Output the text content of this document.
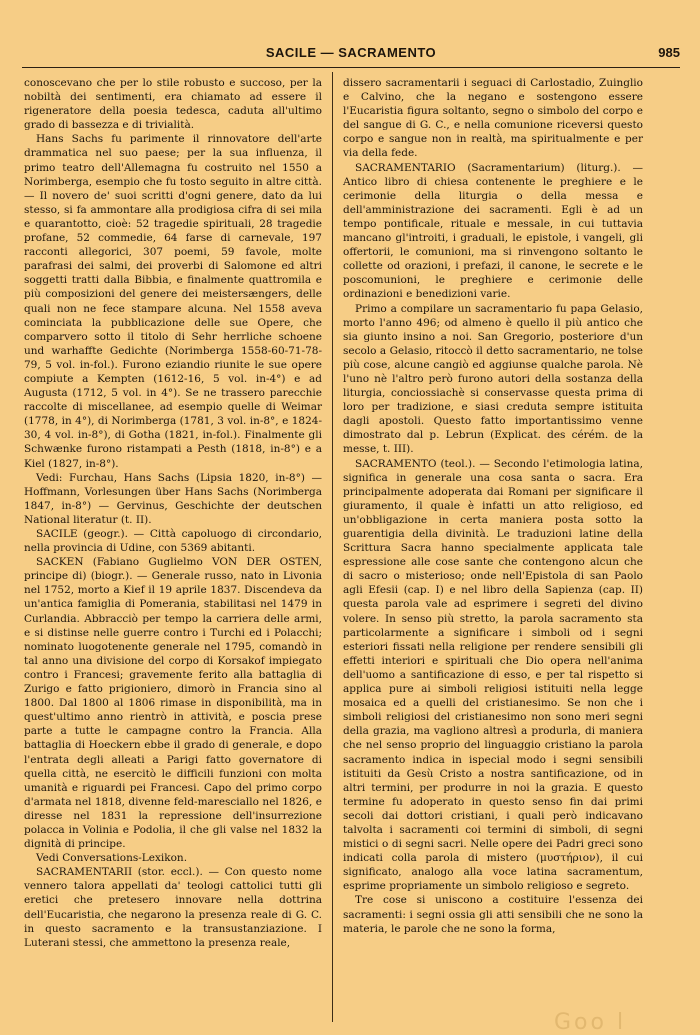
SACILE — SACRAMENTO	985

conoscevano che per lo stile robusto e succoso, per la nobiltà dei sentimenti, era chiamato ad essere il rigeneratore della poesia tedesca, caduta all'ultimo grado di bassezza e di trivialità.

Hans Sachs fu parimente il rinnovatore dell'arte drammatica nel suo paese; per la sua influenza, il primo teatro dell'Allemagna fu costruito nel 1550 a Norimberga, esempio che fu tosto seguito in altre città. — Il novero de' suoi scritti d'ogni genere, dato da lui stesso, si fa ammontare alla prodigiosa cifra di sei mila e quarantotto, cioè: 52 tragedie spirituali, 28 tragedie profane, 52 commedie, 64 farse di carnevale, 197 racconti allegorici, 307 poemi, 59 favole, molte parafrasi dei salmi, dei proverbi di Salomone ed altri soggetti tratti dalla Bibbia, e finalmente quattromila e più composizioni del genere dei meistersængers, delle quali non ne fece stampare alcuna. Nel 1558 aveva cominciata la pubblicazione delle sue Opere, che comparvero sotto il titolo di Sehr herrliche schoene und warhaffte Gedichte (Norimberga 1558-60-71-78-79, 5 vol. in-fol.). Furono eziandio riunite le sue opere compiute a Kempten (1612-16, 5 vol. in-4°) e ad Augusta (1712, 5 vol. in 4°). Se ne trassero parecchie raccolte di miscellanee, ad esempio quelle di Weimar (1778, in 4°), di Norimberga (1781, 3 vol. in-8°, e 1824-30, 4 vol. in-8°), di Gotha (1821, in-fol.). Finalmente gli Schwænke furono ristampati a Pesth (1818, in-8°) e a Kiel (1827, in-8°).

Vedi: Furchau, Hans Sachs (Lipsia 1820, in-8°) — Hoffmann, Vorlesungen über Hans Sachs (Norimberga 1847, in-8°) — Gervinus, Geschichte der deutschen National literatur (t. II).

SACILE (geogr.). — Città capoluogo di circondario, nella provincia di Udine, con 5369 abitanti.

SACKEN (Fabiano Guglielmo VON DER OSTEN, principe di) (biogr.). — Generale russo, nato in Livonia nel 1752, morto a Kief il 19 aprile 1837. Discendeva da un'antica famiglia di Pomerania, stabilitasi nel 1479 in Curlandia. Abbracciò per tempo la carriera delle armi, e si distinse nelle guerre contro i Turchi ed i Polacchi; nominato luogotenente generale nel 1795, comandò in tal anno una divisione del corpo di Korsakof impiegato contro i Francesi; gravemente ferito alla battaglia di Zurigo e fatto prigioniero, dimorò in Francia sino al 1800. Dal 1800 al 1806 rimase in disponibilità, ma in quest'ultimo anno rientrò in attività, e poscia prese parte a tutte le campagne contro la Francia. Alla battaglia di Hoeckern ebbe il grado di generale, e dopo l'entrata degli alleati a Parigi fatto governatore di quella città, ne esercitò le difficili funzioni con molta umanità e riguardi pei Francesi. Capo del primo corpo d'armata nel 1818, divenne feld-maresciallo nel 1826, e diresse nel 1831 la repressione dell'insurrezione polacca in Volinia e Podolia, il che gli valse nel 1832 la dignità di principe.

Vedi Conversations-Lexikon.

SACRAMENTARII (stor. eccl.). — Con questo nome vennero talora appellati da' teologi cattolici tutti gli eretici che pretesero innovare nella dottrina dell'Eucaristia, che negarono la presenza reale di G. C. in questo sacramento e la transustanziazione. I Luterani stessi, che ammettono la presenza reale,

dissero sacramentarii i seguaci di Carlostadio, Zuinglio e Calvino, che la negano e sostengono essere l'Eucaristia figura soltanto, segno o simbolo del corpo e del sangue di G. C., e nella comunione riceversi questo corpo e sangue non in realtà, ma spiritualmente e per via della fede.

SACRAMENTARIO (Sacramentarium) (liturg.). — Antico libro di chiesa contenente le preghiere e le cerimonie della liturgia o della messa e dell'amministrazione dei sacramenti. Egli è ad un tempo pontificale, rituale e messale, in cui tuttavia mancano gl'introiti, i graduali, le epistole, i vangeli, gli offertorii, le comunioni, ma si rinvengono soltanto le collette od orazioni, i prefazi, il canone, le secrete e le poscomunioni, le preghiere e cerimonie delle ordinazioni e benedizioni varie.

Primo a compilare un sacramentario fu papa Gelasio, morto l'anno 496; od almeno è quello il più antico che sia giunto insino a noi. San Gregorio, posteriore d'un secolo a Gelasio, ritoccò il detto sacramentario, ne tolse più cose, alcune cangiò ed aggiunse qualche parola. Nè l'uno nè l'altro però furono autori della sostanza della liturgia, conciossiachè si conservasse questa prima di loro per tradizione, e siasi creduta sempre istituita dagli apostoli. Questo fatto importantissimo venne dimostrato dal p. Lebrun (Explicat. des cérém. de la messe, t. III).

SACRAMENTO (teol.). — Secondo l'etimologia latina, significa in generale una cosa santa o sacra. Era principalmente adoperata dai Romani per significare il giuramento, il quale è infatti un atto religioso, ed un'obbligazione in certa maniera posta sotto la guarentigia della divinità. Le traduzioni latine della Scrittura Sacra hanno specialmente applicata tale espressione alle cose sante che contengono alcun che di sacro o misterioso; onde nell'Epistola di san Paolo agli Efesii (cap. I) e nel libro della Sapienza (cap. II) questa parola vale ad esprimere i segreti del divino volere. In senso più stretto, la parola sacramento sta particolarmente a significare i simboli od i segni esteriori fissati nella religione per rendere sensibili gli effetti interiori e spirituali che Dio opera nell'anima dell'uomo a santificazione di esso, e per tal rispetto si applica pure ai simboli religiosi istituiti nella legge mosaica ed a quelli del cristianesimo. Se non che i simboli religiosi del cristianesimo non sono meri segni della grazia, ma vagliono altresì a produrla, di maniera che nel senso proprio del linguaggio cristiano la parola sacramento indica in ispecial modo i segni sensibili istituiti da Gesù Cristo a nostra santificazione, od in altri termini, per produrre in noi la grazia. E questo termine fu adoperato in questo senso fin dai primi secoli dai dottori cristiani, i quali però indicavano talvolta i sacramenti coi termini di simboli, di segni mistici o di segni sacri. Nelle opere dei Padri greci sono indicati colla parola di mistero (μυστήριον), il cui significato, analogo alla voce latina sacramentum, esprime propriamente un simbolo religioso e segreto.

Tre cose si uniscono a costituire l'essenza dei sacramenti: i segni ossia gli atti sensibili che ne sono la materia, le parole che ne sono la forma,

Goo l
